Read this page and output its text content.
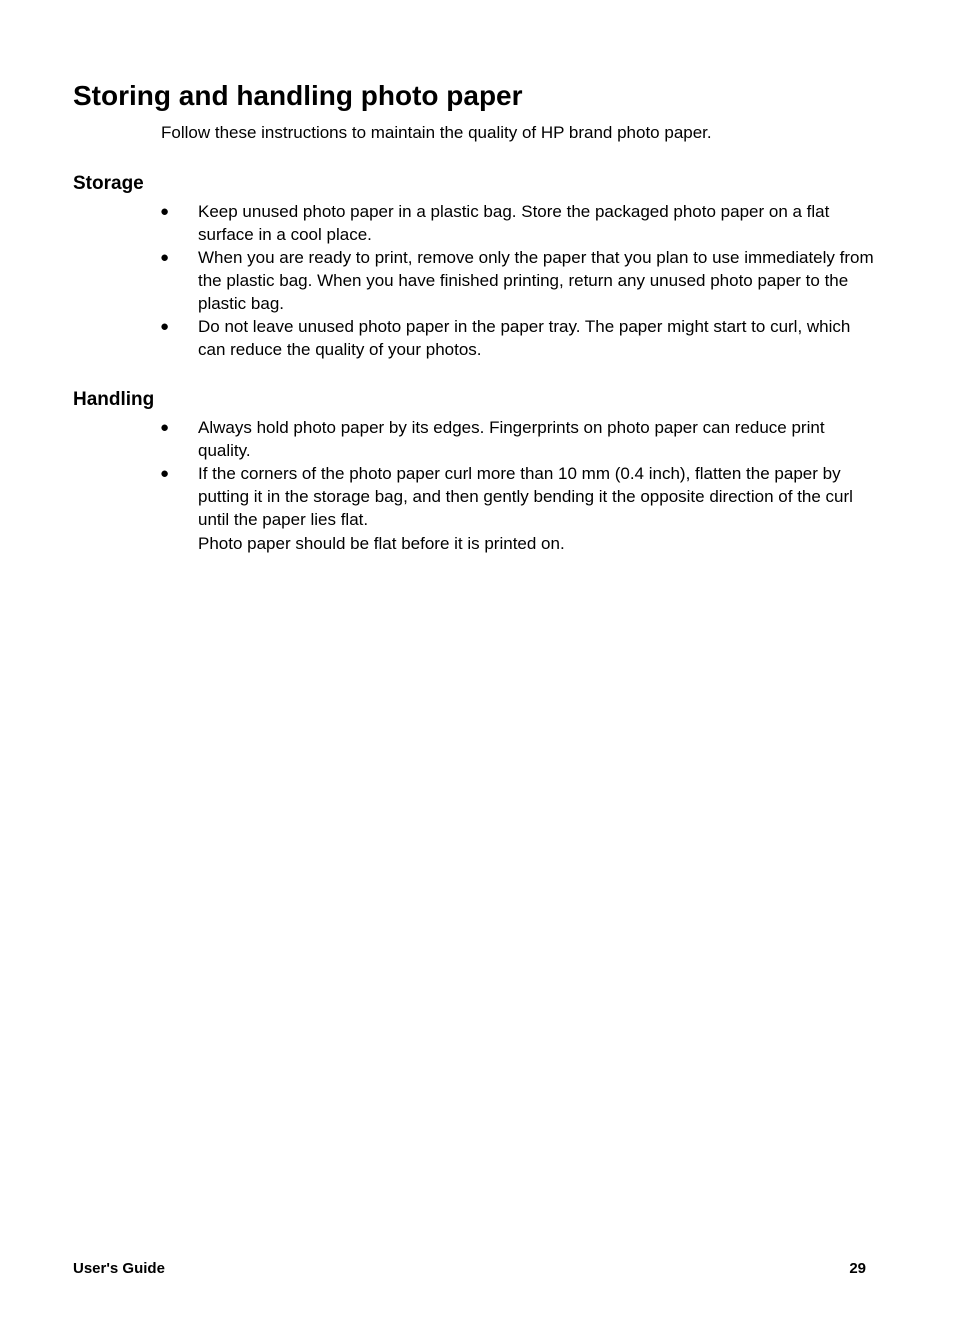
Storing and handling photo paper

Follow these instructions to maintain the quality of HP brand photo paper.

Storage
●	Keep unused photo paper in a plastic bag. Store the packaged photo paper on a flat surface in a cool place.
●	When you are ready to print, remove only the paper that you plan to use immediately from the plastic bag. When you have finished printing, return any unused photo paper to the plastic bag.
●	Do not leave unused photo paper in the paper tray. The paper might start to curl, which can reduce the quality of your photos.
Handling
●	Always hold photo paper by its edges. Fingerprints on photo paper can reduce print quality.
●	If the corners of the photo paper curl more than 10 mm (0.4 inch), flatten the paper by putting it in the storage bag, and then gently bending it the opposite direction of the curl until the paper lies flat.
Photo paper should be flat before it is printed on.

User's Guide	29
